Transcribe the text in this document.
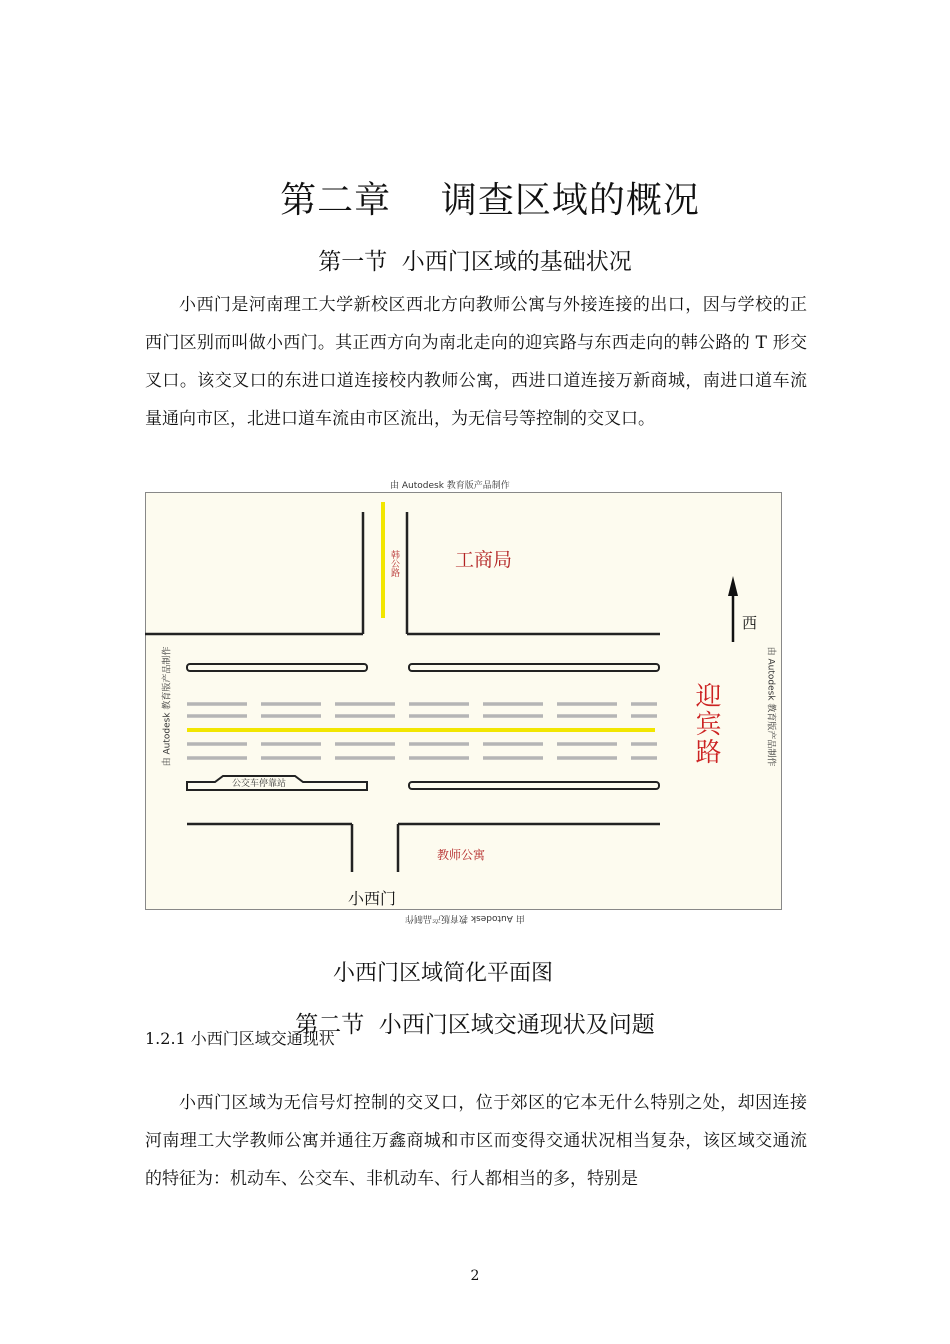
第二章    调查区域的概况
第一节  小西门区域的基础状况
小西门是河南理工大学新校区西北方向教师公寓与外接连接的出口，因与学校的正西门区别而叫做小西门。其正西方向为南北走向的迎宾路与东西走向的韩公路的 T 形交叉口。该交叉口的东进口道连接校内教师公寓，西进口道连接万新商城，南进口道车流量通向市区，北进口道车流由市区流出，为无信号等控制的交叉口。
由 Autodesk 教育版产品制作
由 Autodesk 教育版产品制作
由 Autodesk 教育版产品制作	由 Autodesk 教育版产品制作
工商局
韩公路
迎宾路
西
公交车停靠站
教师公寓
小西门
小西门区域简化平面图
第二节  小西门区域交通现状及问题
1.2.1 小西门区域交通现状
小西门区域为无信号灯控制的交叉口，位于郊区的它本无什么特别之处，却因连接河南理工大学教师公寓并通往万鑫商城和市区而变得交通状况相当复杂，该区域交通流的特征为：机动车、公交车、非机动车、行人都相当的多，特别是
2
